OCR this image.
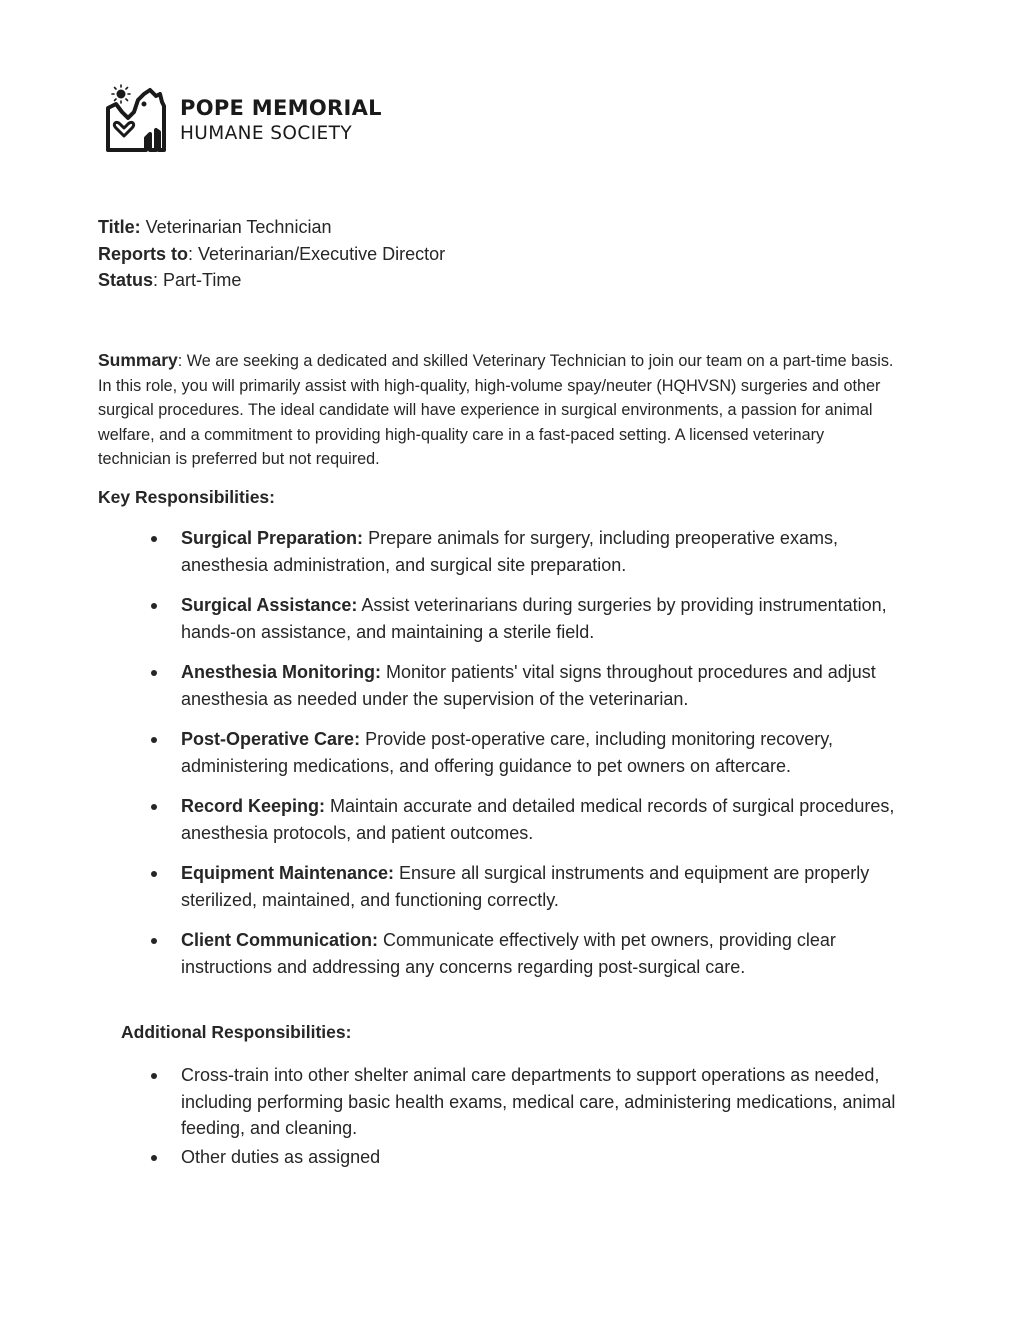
POPE MEMORIAL
HUMANE SOCIETY
Title: Veterinarian Technician
Reports to: Veterinarian/Executive Director
Status: Part-Time
Summary: We are seeking a dedicated and skilled Veterinary Technician to join our team on a part-time basis. In this role, you will primarily assist with high-quality, high-volume spay/neuter (HQHVSN) surgeries and other surgical procedures. The ideal candidate will have experience in surgical environments, a passion for animal welfare, and a commitment to providing high-quality care in a fast-paced setting. A licensed veterinary technician is preferred but not required.
Key Responsibilities:
Surgical Preparation: Prepare animals for surgery, including preoperative exams, anesthesia administration, and surgical site preparation.
Surgical Assistance: Assist veterinarians during surgeries by providing instrumentation, hands-on assistance, and maintaining a sterile field.
Anesthesia Monitoring: Monitor patients' vital signs throughout procedures and adjust anesthesia as needed under the supervision of the veterinarian.
Post-Operative Care: Provide post-operative care, including monitoring recovery, administering medications, and offering guidance to pet owners on aftercare.
Record Keeping: Maintain accurate and detailed medical records of surgical procedures, anesthesia protocols, and patient outcomes.
Equipment Maintenance: Ensure all surgical instruments and equipment are properly sterilized, maintained, and functioning correctly.
Client Communication: Communicate effectively with pet owners, providing clear instructions and addressing any concerns regarding post-surgical care.
Additional Responsibilities:
Cross-train into other shelter animal care departments to support operations as needed, including performing basic health exams, medical care, administering medications, animal feeding, and cleaning.
Other duties as assigned
